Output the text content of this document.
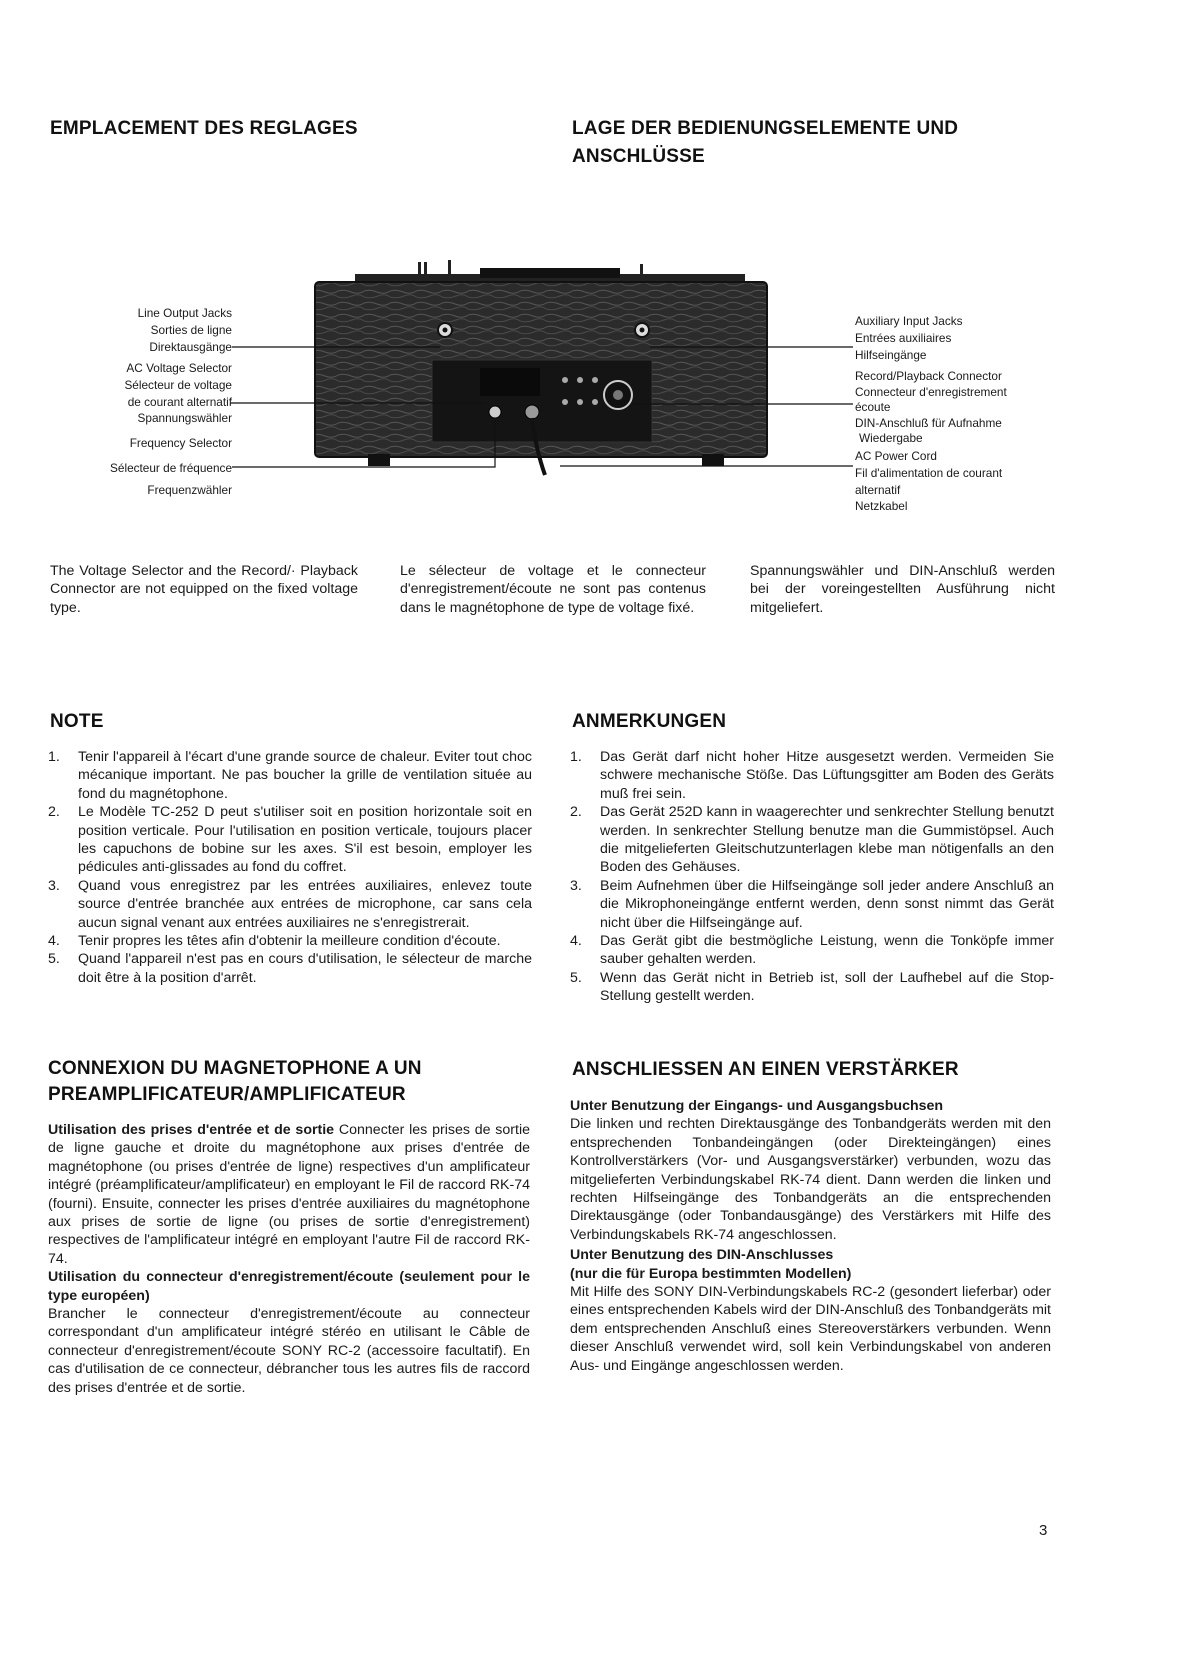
EMPLACEMENT DES REGLAGES	LAGE DER BEDIENUNGSELEMENTE UND
ANSCHLÜSSE
Line Output Jacks
Sorties de ligne
Direktausgänge
AC Voltage Selector
Sélecteur de voltage
de courant alternatif
Spannungswähler
Frequency Selector
Sélecteur de fréquence
Frequenzwähler
Auxiliary Input Jacks
Entrées auxiliaires
Hilfseingänge
Record/Playback Connector
Connecteur d'enregistrement
écoute
DIN-Anschluß für Aufnahme
Wiedergabe
AC Power Cord
Fil d'alimentation de courant
alternatif
Netzkabel
The Voltage Selector and the Record/· Playback Connector are not equipped on the fixed voltage type.
Le sélecteur de voltage et le connecteur d'enregistrement/écoute ne sont pas contenus dans le magnétophone de type de voltage fixé.
Spannungswähler und DIN-Anschluß werden bei der voreingestellten Ausführung nicht mitgeliefert.
NOTE
1. Tenir l'appareil à l'écart d'une grande source de chaleur. Eviter tout choc mécanique important. Ne pas boucher la grille de ventilation située au fond du magnétophone.
2. Le Modèle TC-252 D peut s'utiliser soit en position horizontale soit en position verticale. Pour l'utilisation en position verticale, toujours placer les capuchons de bobine sur les axes. S'il est besoin, employer les pédicules anti-glissades au fond du coffret.
3. Quand vous enregistrez par les entrées auxiliaires, enlevez toute source d'entrée branchée aux entrées de microphone, car sans cela aucun signal venant aux entrées auxiliaires ne s'enregistrerait.
4. Tenir propres les têtes afin d'obtenir la meilleure condition d'écoute.
5. Quand l'appareil n'est pas en cours d'utilisation, le sélecteur de marche doit être à la position d'arrêt.
ANMERKUNGEN
1. Das Gerät darf nicht hoher Hitze ausgesetzt werden. Vermeiden Sie schwere mechanische Stöße. Das Lüftungsgitter am Boden des Geräts muß frei sein.
2. Das Gerät 252D kann in waagerechter und senkrechter Stellung benutzt werden. In senkrechter Stellung benutze man die Gummistöpsel. Auch die mitgelieferten Gleitschutzunterlagen klebe man nötigenfalls an den Boden des Gehäuses.
3. Beim Aufnehmen über die Hilfseingänge soll jeder andere Anschluß an die Mikrophoneingänge entfernt werden, denn sonst nimmt das Gerät nicht über die Hilfseingänge auf.
4. Das Gerät gibt die bestmögliche Leistung, wenn die Tonköpfe immer sauber gehalten werden.
5. Wenn das Gerät nicht in Betrieb ist, soll der Laufhebel auf die Stop-Stellung gestellt werden.
CONNEXION DU MAGNETOPHONE A UN
PREAMPLIFICATEUR/AMPLIFICATEUR
Utilisation des prises d'entrée et de sortie Connecter les prises de sortie de ligne gauche et droite du magnétophone aux prises d'entrée de magnétophone (ou prises d'entrée de ligne) respectives d'un amplificateur intégré (préamplificateur/amplificateur) en employant le Fil de raccord RK-74 (fourni). Ensuite, connecter les prises d'entrée auxiliaires du magnétophone aux prises de sortie de ligne (ou prises de sortie d'enregistrement) respectives de l'amplificateur intégré en employant l'autre Fil de raccord RK-74.
Utilisation du connecteur d'enregistrement/écoute (seulement pour le type européen)
Brancher le connecteur d'enregistrement/écoute au connecteur correspondant d'un amplificateur intégré stéréo en utilisant le Câble de connecteur d'enregistrement/écoute SONY RC-2 (accessoire facultatif). En cas d'utilisation de ce connecteur, débrancher tous les autres fils de raccord des prises d'entrée et de sortie.
ANSCHLIESSEN AN EINEN VERSTÄRKER
Unter Benutzung der Eingangs- und Ausgangsbuchsen
Die linken und rechten Direktausgänge des Tonbandgeräts werden mit den entsprechenden Tonbandeingängen (oder Direkteingängen) eines Kontrollverstärkers (Vor- und Ausgangsverstärker) verbunden, wozu das mitgelieferten Verbindungskabel RK-74 dient. Dann werden die linken und rechten Hilfseingänge des Tonbandgeräts an die entsprechenden Direktausgänge (oder Tonbandausgänge) des Verstärkers mit Hilfe des Verbindungskabels RK-74 angeschlossen.
Unter Benutzung des DIN-Anschlusses
(nur die für Europa bestimmten Modellen)
Mit Hilfe des SONY DIN-Verbindungskabels RC-2 (gesondert lieferbar) oder eines entsprechenden Kabels wird der DIN-Anschluß des Tonbandgeräts mit dem entsprechenden Anschluß eines Stereoverstärkers verbunden. Wenn dieser Anschluß verwendet wird, soll kein Verbindungskabel von anderen Aus- und Eingänge angeschlossen werden.
3
